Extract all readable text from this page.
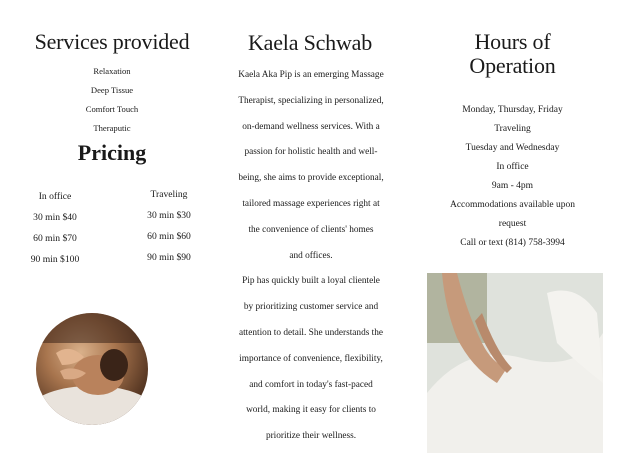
Services provided
Relaxation
Deep Tissue
Comfort Touch
Theraputic
Pricing
In office
30 min $40
60 min $70
90 min $100
Traveling
30 min $30
60 min $60
90 min $90
Kaela Schwab
Kaela Aka Pip is an emerging Massage
Therapist, specializing in personalized,
on-demand wellness services. With a
passion for holistic health and well-
being, she aims to provide exceptional,
tailored massage experiences right at
the convenience of clients' homes
and offices.
Pip has quickly built a loyal clientele
by prioritizing customer service and
attention to detail. She understands the
importance of convenience, flexibility,
and comfort in today's fast-paced
world, making it easy for clients to
prioritize their wellness.
Hours of
Operation
Monday, Thursday, Friday
Traveling
Tuesday and Wednesday
In office
9am - 4pm
Accommodations available upon
request
Call or text (814) 758-3994
